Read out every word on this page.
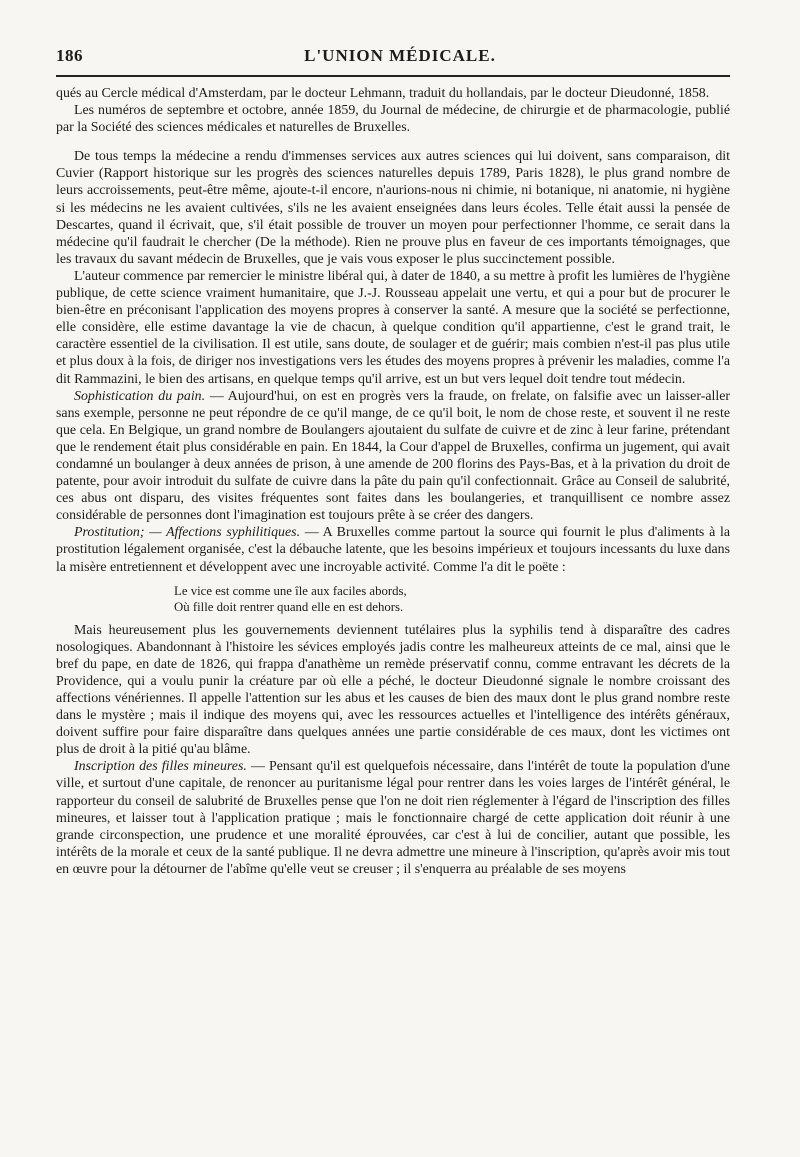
186	L'UNION MÉDICALE.

qués au Cercle médical d'Amsterdam, par le docteur Lehmann, traduit du hollandais, par le docteur Dieudonné, 1858.

Les numéros de septembre et octobre, année 1859, du Journal de médecine, de chirurgie et de pharmacologie, publié par la Société des sciences médicales et naturelles de Bruxelles.

De tous temps la médecine a rendu d'immenses services aux autres sciences qui lui doivent, sans comparaison, dit Cuvier (Rapport historique sur les progrès des sciences naturelles depuis 1789, Paris 1828), le plus grand nombre de leurs accroissements, peut-être même, ajoute-t-il encore, n'aurions-nous ni chimie, ni botanique, ni anatomie, ni hygiène si les médecins ne les avaient cultivées, s'ils ne les avaient enseignées dans leurs écoles. Telle était aussi la pensée de Descartes, quand il écrivait, que, s'il était possible de trouver un moyen pour perfectionner l'homme, ce serait dans la médecine qu'il faudrait le chercher (De la méthode). Rien ne prouve plus en faveur de ces importants témoignages, que les travaux du savant médecin de Bruxelles, que je vais vous exposer le plus succinctement possible.

L'auteur commence par remercier le ministre libéral qui, à dater de 1840, a su mettre à profit les lumières de l'hygiène publique, de cette science vraiment humanitaire, que J.-J. Rousseau appelait une vertu, et qui a pour but de procurer le bien-être en préconisant l'application des moyens propres à conserver la santé. A mesure que la société se perfectionne, elle considère, elle estime davantage la vie de chacun, à quelque condition qu'il appartienne, c'est le grand trait, le caractère essentiel de la civilisation. Il est utile, sans doute, de soulager et de guérir; mais combien n'est-il pas plus utile et plus doux à la fois, de diriger nos investigations vers les études des moyens propres à prévenir les maladies, comme l'a dit Rammazini, le bien des artisans, en quelque temps qu'il arrive, est un but vers lequel doit tendre tout médecin.

Sophistication du pain. — Aujourd'hui, on est en progrès vers la fraude, on frelate, on falsifie avec un laisser-aller sans exemple, personne ne peut répondre de ce qu'il mange, de ce qu'il boit, le nom de chose reste, et souvent il ne reste que cela. En Belgique, un grand nombre de Boulangers ajoutaient du sulfate de cuivre et de zinc à leur farine, prétendant que le rendement était plus considérable en pain. En 1844, la Cour d'appel de Bruxelles, confirma un jugement, qui avait condamné un boulanger à deux années de prison, à une amende de 200 florins des Pays-Bas, et à la privation du droit de patente, pour avoir introduit du sulfate de cuivre dans la pâte du pain qu'il confectionnait. Grâce au Conseil de salubrité, ces abus ont disparu, des visites fréquentes sont faites dans les boulangeries, et tranquillisent ce nombre assez considérable de personnes dont l'imagination est toujours prête à se créer des dangers.

Prostitution; — Affections syphilitiques. — A Bruxelles comme partout la source qui fournit le plus d'aliments à la prostitution légalement organisée, c'est la débauche latente, que les besoins impérieux et toujours incessants du luxe dans la misère entretiennent et développent avec une incroyable activité. Comme l'a dit le poëte :

Le vice est comme une île aux faciles abords,
Où fille doit rentrer quand elle en est dehors.

Mais heureusement plus les gouvernements deviennent tutélaires plus la syphilis tend à disparaître des cadres nosologiques. Abandonnant à l'histoire les sévices employés jadis contre les malheureux atteints de ce mal, ainsi que le bref du pape, en date de 1826, qui frappa d'anathème un remède préservatif connu, comme entravant les décrets de la Providence, qui a voulu punir la créature par où elle a péché, le docteur Dieudonné signale le nombre croissant des affections vénériennes. Il appelle l'attention sur les abus et les causes de bien des maux dont le plus grand nombre reste dans le mystère ; mais il indique des moyens qui, avec les ressources actuelles et l'intelligence des intérêts généraux, doivent suffire pour faire disparaître dans quelques années une partie considérable de ces maux, dont les victimes ont plus de droit à la pitié qu'au blâme.

Inscription des filles mineures. — Pensant qu'il est quelquefois nécessaire, dans l'intérêt de toute la population d'une ville, et surtout d'une capitale, de renoncer au puritanisme légal pour rentrer dans les voies larges de l'intérêt général, le rapporteur du conseil de salubrité de Bruxelles pense que l'on ne doit rien réglementer à l'égard de l'inscription des filles mineures, et laisser tout à l'application pratique ; mais le fonctionnaire chargé de cette application doit réunir à une grande circonspection, une prudence et une moralité éprouvées, car c'est à lui de concilier, autant que possible, les intérêts de la morale et ceux de la santé publique. Il ne devra admettre une mineure à l'inscription, qu'après avoir mis tout en œuvre pour la détourner de l'abîme qu'elle veut se creuser ; il s'enquerra au préalable de ses moyens
